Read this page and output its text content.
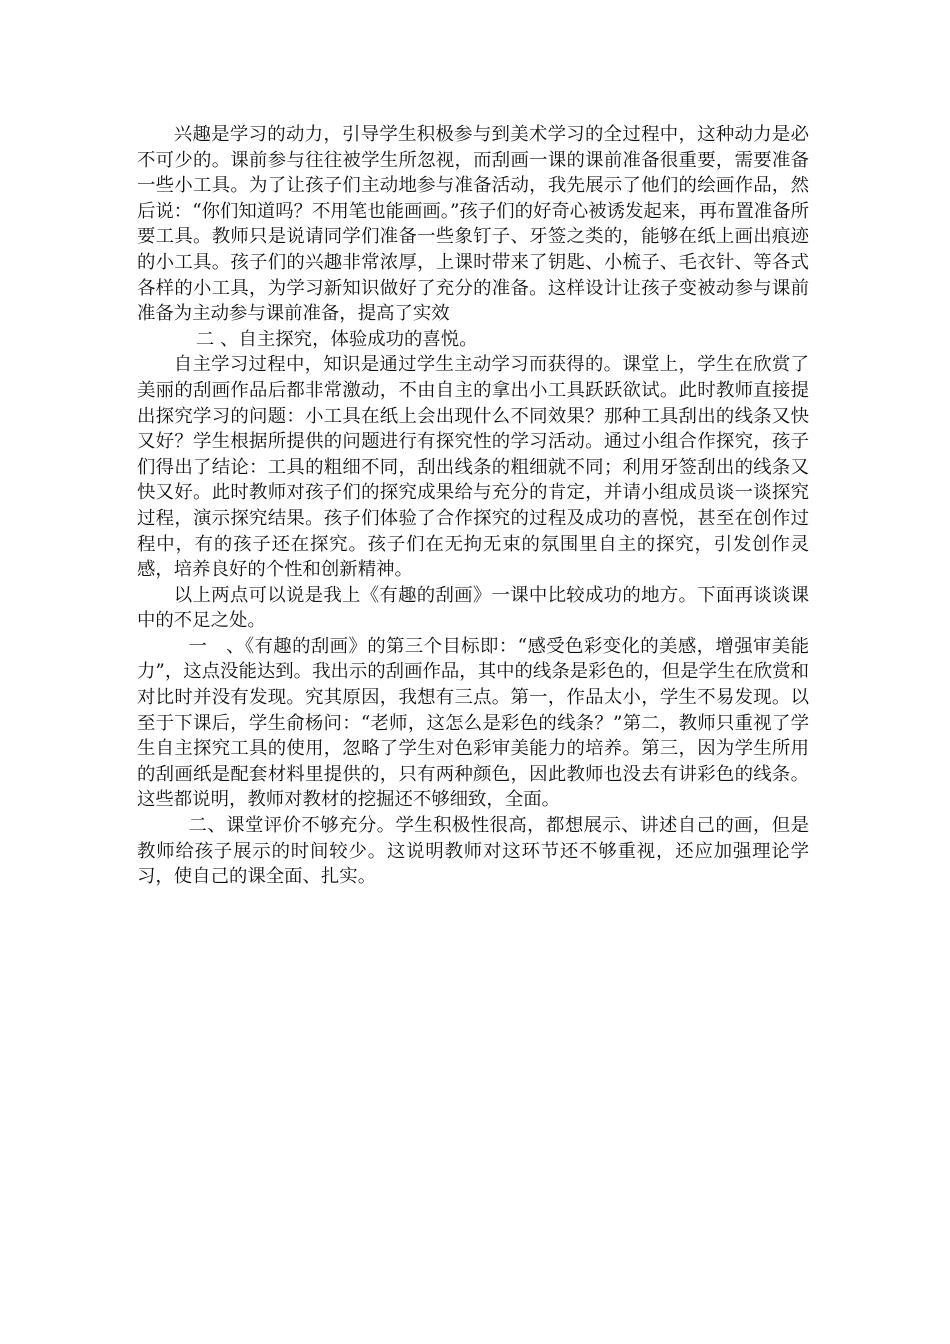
兴趣是学习的动力，引导学生积极参与到美术学习的全过程中，这种动力是必不可少的。课前参与往往被学生所忽视，而刮画一课的课前准备很重要，需要准备一些小工具。为了让孩子们主动地参与准备活动，我先展示了他们的绘画作品，然后说：“你们知道吗？不用笔也能画画。”孩子们的好奇心被诱发起来，再布置准备所要工具。教师只是说请同学们准备一些象钉子、牙签之类的，能够在纸上画出痕迹的小工具。孩子们的兴趣非常浓厚，上课时带来了钥匙、小梳子、毛衣针、等各式各样的小工具，为学习新知识做好了充分的准备。这样设计让孩子变被动参与课前准备为主动参与课前准备，提高了实效

二 、自主探究，体验成功的喜悦。

自主学习过程中，知识是通过学生主动学习而获得的。课堂上，学生在欣赏了美丽的刮画作品后都非常激动，不由自主的拿出小工具跃跃欲试。此时教师直接提出探究学习的问题：小工具在纸上会出现什么不同效果？那种工具刮出的线条又快又好？学生根据所提供的问题进行有探究性的学习活动。通过小组合作探究，孩子们得出了结论：工具的粗细不同，刮出线条的粗细就不同；利用牙签刮出的线条又快又好。此时教师对孩子们的探究成果给与充分的肯定，并请小组成员谈一谈探究过程，演示探究结果。孩子们体验了合作探究的过程及成功的喜悦，甚至在创作过程中，有的孩子还在探究。孩子们在无拘无束的氛围里自主的探究，引发创作灵感，培养良好的个性和创新精神。

以上两点可以说是我上《有趣的刮画》一课中比较成功的地方。下面再谈谈课中的不足之处。

一　、《有趣的刮画》的第三个目标即：“感受色彩变化的美感，增强审美能力”，这点没能达到。我出示的刮画作品，其中的线条是彩色的，但是学生在欣赏和对比时并没有发现。究其原因，我想有三点。第一，作品太小，学生不易发现。以至于下课后，学生俞杨问：“老师，这怎么是彩色的线条？”第二，教师只重视了学生自主探究工具的使用，忽略了学生对色彩审美能力的培养。第三，因为学生所用的刮画纸是配套材料里提供的，只有两种颜色，因此教师也没去有讲彩色的线条。这些都说明，教师对教材的挖掘还不够细致，全面。

二、课堂评价不够充分。学生积极性很高，都想展示、讲述自己的画，但是教师给孩子展示的时间较少。这说明教师对这环节还不够重视，还应加强理论学习，使自己的课全面、扎实。
